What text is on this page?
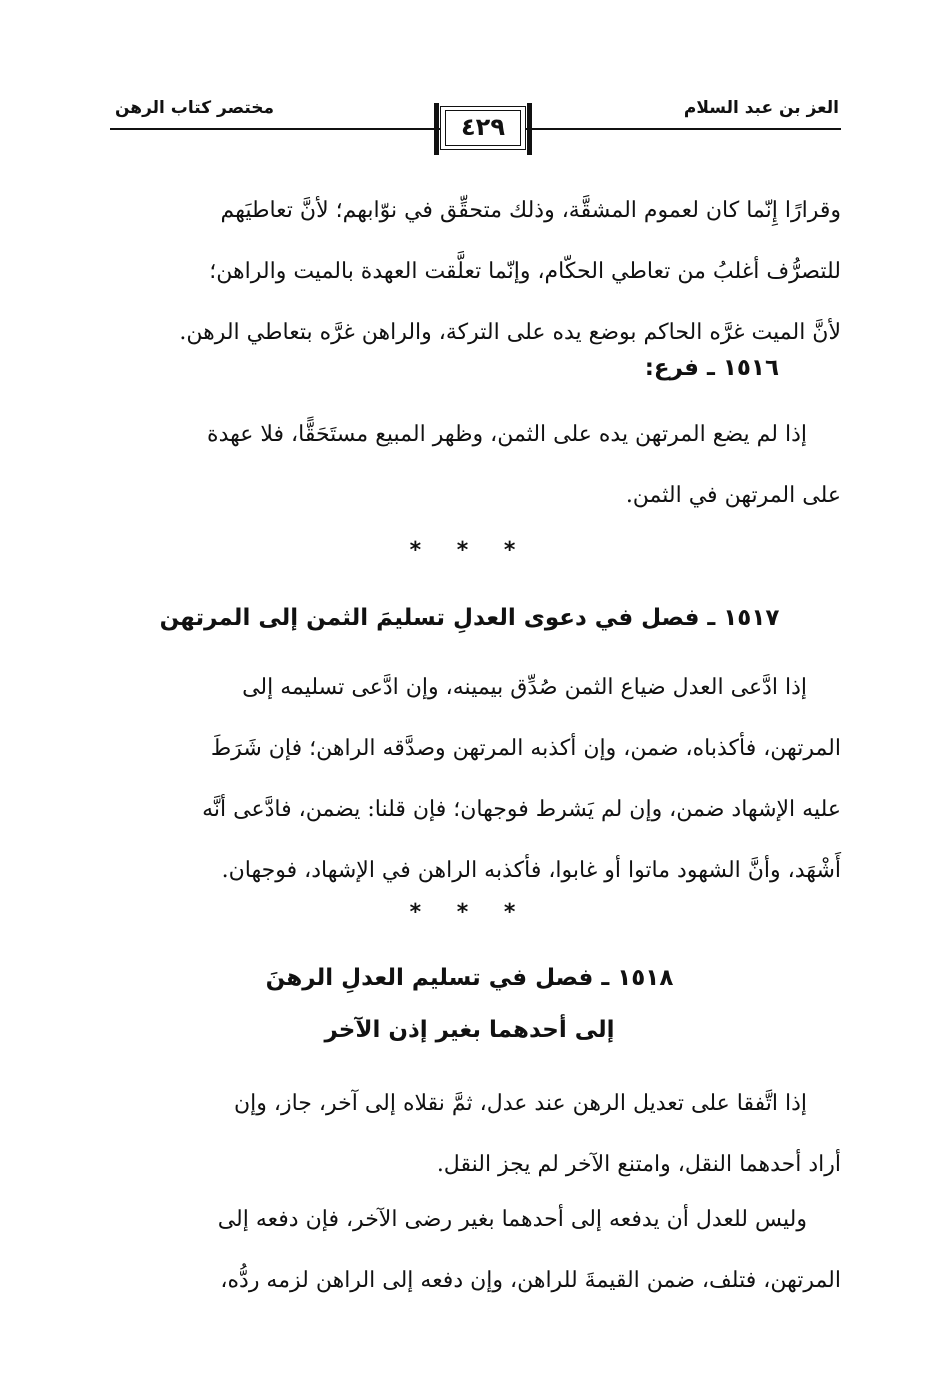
العز بن عبد السلام
مختصر كتاب الرهن
٤٢٩

وقرارًا إِنّما كان لعموم المشقَّة، وذلك متحقِّق في نوّابهم؛ لأنَّ تعاطيَهم

للتصرُّف أغلبُ من تعاطي الحكّام، وإنّما تعلَّقت العهدة بالميت والراهن؛

لأنَّ الميت غرَّه الحاكم بوضع يده على التركة، والراهن غرَّه بتعاطي الرهن.

١٥١٦ ـ فرع:

إذا لم يضع المرتهن يده على الثمن، وظهر المبيع مستَحَقًّا، فلا عهدة

على المرتهن في الثمن.

* * *
١٥١٧ ـ فصل في دعوى العدلِ تسليمَ الثمن إلى المرتهن

إذا ادَّعى العدل ضياع الثمن صُدِّق بيمينه، وإن ادَّعى تسليمه إلى

المرتهن، فأكذباه، ضمن، وإن أكذبه المرتهن وصدَّقه الراهن؛ فإن شَرَطَ

عليه الإشهاد ضمن، وإن لم يَشرط فوجهان؛ فإن قلنا: يضمن، فادَّعى أنَّه

أَشْهَد، وأنَّ الشهود ماتوا أو غابوا، فأكذبه الراهن في الإشهاد، فوجهان.

* * *
١٥١٨ ـ فصل في تسليم العدلِ الرهنَ
إلى أحدهما بغير إذن الآخر

إذا اتَّفقا على تعديل الرهن عند عدل، ثمَّ نقلاه إلى آخر، جاز، وإن

أراد أحدهما النقل، وامتنع الآخر لم يجز النقل.

وليس للعدل أن يدفعه إلى أحدهما بغير رضى الآخر، فإن دفعه إلى

المرتهن، فتلف، ضمن القيمةَ للراهن، وإن دفعه إلى الراهن لزمه ردُّه،
